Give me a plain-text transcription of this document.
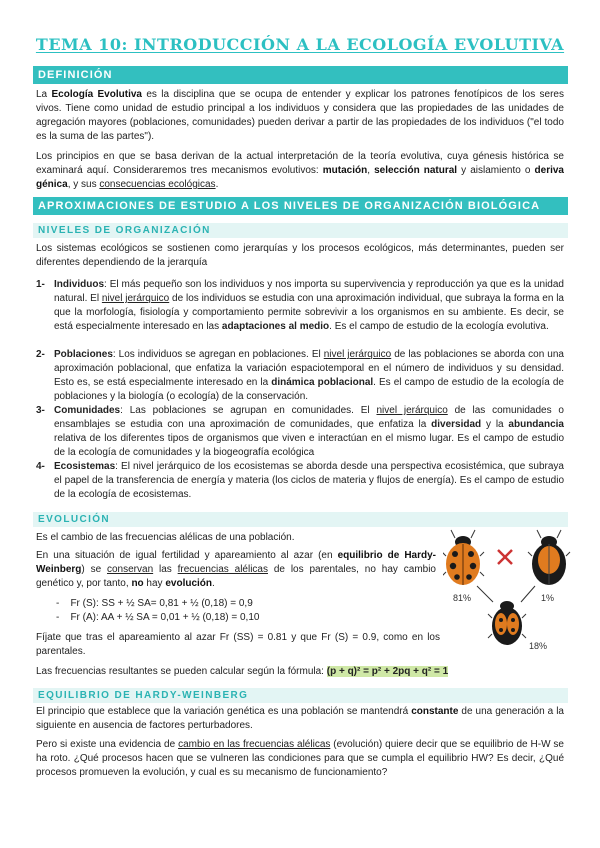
TEMA 10: INTRODUCCIÓN A LA ECOLOGÍA EVOLUTIVA
DEFINICIÓN
La Ecología Evolutiva es la disciplina que se ocupa de entender y explicar los patrones fenotípicos de los seres vivos. Tiene como unidad de estudio principal a los individuos y considera que las propiedades de las unidades de agregación mayores (poblaciones, comunidades) pueden derivar a partir de las propiedades de los individuos ("el todo es la suma de las partes").
Los principios en que se basa derivan de la actual interpretación de la teoría evolutiva, cuya génesis histórica se examinará aquí. Consideraremos tres mecanismos evolutivos: mutación, selección natural y aislamiento o deriva génica, y sus consecuencias ecológicas.
APROXIMACIONES DE ESTUDIO A LOS NIVELES DE ORGANIZACIÓN BIOLÓGICA
NIVELES DE ORGANIZACIÓN
Los sistemas ecológicos se sostienen como jerarquías y los procesos ecológicos, más determinantes, pueden ser diferentes dependiendo de la jerarquía
1- Individuos: El más pequeño son los individuos y nos importa su supervivencia y reproducción ya que es la unidad natural. El nivel jerárquico de los individuos se estudia con una aproximación individual, que subraya la forma en la que la morfología, fisiología y comportamiento permite sobrevivir a los organismos en su ambiente. Es decir, se está especialmente interesado en las adaptaciones al medio. Es el campo de estudio de la ecología evolutiva.
2- Poblaciones: Los individuos se agregan en poblaciones. El nivel jerárquico de las poblaciones se aborda con una aproximación poblacional, que enfatiza la variación espaciotemporal en el número de individuos y su densidad. Esto es, se está especialmente interesado en la dinámica poblacional. Es el campo de estudio de la ecología de poblaciones y la biología (o ecología) de la conservación.
3- Comunidades: Las poblaciones se agrupan en comunidades. El nivel jerárquico de las comunidades o ensamblajes se estudia con una aproximación de comunidades, que enfatiza la diversidad y la abundancia relativa de los diferentes tipos de organismos que viven e interactúan en el mismo lugar. Es el campo de estudio de la ecología de comunidades y la biogeografía ecológica
4- Ecosistemas: El nivel jerárquico de los ecosistemas se aborda desde una perspectiva ecosistémica, que subraya el papel de la transferencia de energía y materia (los ciclos de materia y flujos de energía). Es el campo de estudio de la ecología de ecosistemas.
EVOLUCIÓN
Es el cambio de las frecuencias alélicas de una población.
En una situación de igual fertilidad y apareamiento al azar (en equilibrio de Hardy-Weinberg) se conservan las frecuencias alélicas de los parentales, no hay cambio genético y, por tanto, no hay evolución.
-    Fr (S): SS + ½ SA= 0,81 + ½ (0,18) = 0,9
-    Fr (A): AA + ½ SA = 0,01 + ½ (0,18) = 0,10
Fíjate que tras el apareamiento al azar Fr (SS) = 0.81 y que Fr (S) = 0.9, como en los parentales.
Las frecuencias resultantes se pueden calcular según la fórmula: (p + q)² = p² + 2pq + q² = 1
81%	1%
18%
EQUILIBRIO DE HARDY-WEINBERG
El principio que establece que la variación genética es una población se mantendrá constante de una generación a la siguiente en ausencia de factores perturbadores.
Pero si existe una evidencia de cambio en las frecuencias alélicas (evolución) quiere decir que se equilibrio de H-W se ha roto. ¿Qué procesos hacen que se vulneren las condiciones para que se cumpla el equilibrio HW? Es decir, ¿Qué procesos promueven la evolución, y cual es su mecanismo de funcionamiento?
